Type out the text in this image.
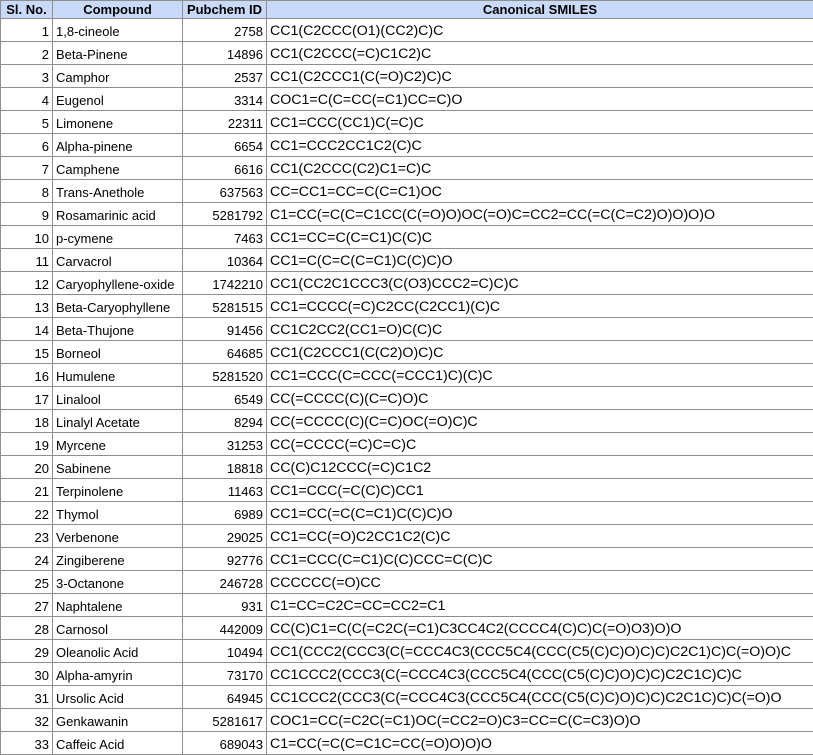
Sl. No.	Compound	Pubchem ID	Canonical SMILES
1	1,8-cineole	2758	CC1(C2CCC(O1)(CC2)C)C
2	Beta-Pinene	14896	CC1(C2CCC(=C)C1C2)C
3	Camphor	2537	CC1(C2CCC1(C(=O)C2)C)C
4	Eugenol	3314	COC1=C(C=CC(=C1)CC=C)O
5	Limonene	22311	CC1=CCC(CC1)C(=C)C
6	Alpha-pinene	6654	CC1=CCC2CC1C2(C)C
7	Camphene	6616	CC1(C2CCC(C2)C1=C)C
8	Trans-Anethole	637563	CC=CC1=CC=C(C=C1)OC
9	Rosamarinic acid	5281792	C1=CC(=C(C=C1CC(C(=O)O)OC(=O)C=CC2=CC(=C(C=C2)O)O)O)O
10	p-cymene	7463	CC1=CC=C(C=C1)C(C)C
11	Carvacrol	10364	CC1=C(C=C(C=C1)C(C)C)O
12	Caryophyllene-oxide	1742210	CC1(CC2C1CCC3(C(O3)CCC2=C)C)C
13	Beta-Caryophyllene	5281515	CC1=CCCC(=C)C2CC(C2CC1)(C)C
14	Beta-Thujone	91456	CC1C2CC2(CC1=O)C(C)C
15	Borneol	64685	CC1(C2CCC1(C(C2)O)C)C
16	Humulene	5281520	CC1=CCC(C=CCC(=CCC1)C)(C)C
17	Linalool	6549	CC(=CCCC(C)(C=C)O)C
18	Linalyl Acetate	8294	CC(=CCCC(C)(C=C)OC(=O)C)C
19	Myrcene	31253	CC(=CCCC(=C)C=C)C
20	Sabinene	18818	CC(C)C12CCC(=C)C1C2
21	Terpinolene	11463	CC1=CCC(=C(C)C)CC1
22	Thymol	6989	CC1=CC(=C(C=C1)C(C)C)O
23	Verbenone	29025	CC1=CC(=O)C2CC1C2(C)C
24	Zingiberene	92776	CC1=CCC(C=C1)C(C)CCC=C(C)C
25	3-Octanone	246728	CCCCCC(=O)CC
27	Naphtalene	931	C1=CC=C2C=CC=CC2=C1
28	Carnosol	442009	CC(C)C1=C(C(=C2C(=C1)C3CC4C2(CCCC4(C)C)C(=O)O3)O)O
29	Oleanolic Acid	10494	CC1(CCC2(CCC3(C(=CCC4C3(CCC5C4(CCC(C5(C)C)O)C)C)C2C1)C)C(=O)O)C
30	Alpha-amyrin	73170	CC1CCC2(CCC3(C(=CCC4C3(CCC5C4(CCC(C5(C)C)O)C)C)C2C1C)C)C
31	Ursolic Acid	64945	CC1CCC2(CCC3(C(=CCC4C3(CCC5C4(CCC(C5(C)C)O)C)C)C2C1C)C)C(=O)O
32	Genkawanin	5281617	COC1=CC(=C2C(=C1)OC(=CC2=O)C3=CC=C(C=C3)O)O
33	Caffeic Acid	689043	C1=CC(=C(C=C1C=CC(=O)O)O)O
